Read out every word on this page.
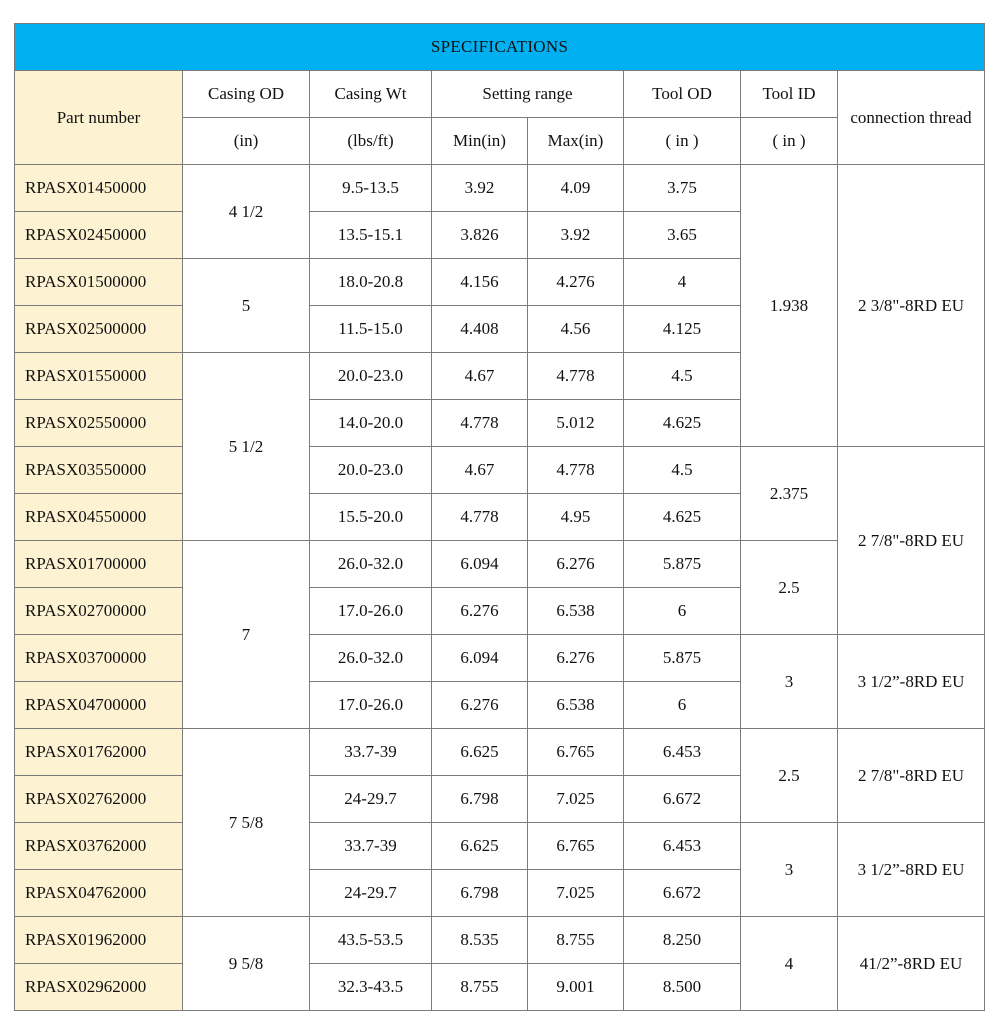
SPECIFICATIONS							
Part number	Casing OD	Casing Wt	Setting range		Tool OD	Tool ID	connection thread
	(in)	(lbs/ft)	Min(in)	Max(in)	( in )	( in )	
RPASX01450000	4 1/2	9.5-13.5	3.92	4.09	3.75	1.938	2 3/8"-8RD EU
RPASX02450000		13.5-15.1	3.826	3.92	3.65		
RPASX01500000	5	18.0-20.8	4.156	4.276	4		
RPASX02500000		11.5-15.0	4.408	4.56	4.125		
RPASX01550000	5 1/2	20.0-23.0	4.67	4.778	4.5		
RPASX02550000		14.0-20.0	4.778	5.012	4.625		
RPASX03550000		20.0-23.0	4.67	4.778	4.5	2.375	2 7/8"-8RD EU
RPASX04550000		15.5-20.0	4.778	4.95	4.625		
RPASX01700000	7	26.0-32.0	6.094	6.276	5.875	2.5	
RPASX02700000		17.0-26.0	6.276	6.538	6		
RPASX03700000		26.0-32.0	6.094	6.276	5.875	3	3 1/2”-8RD EU
RPASX04700000		17.0-26.0	6.276	6.538	6		
RPASX01762000	7 5/8	33.7-39	6.625	6.765	6.453	2.5	2 7/8"-8RD EU
RPASX02762000		24-29.7	6.798	7.025	6.672		
RPASX03762000		33.7-39	6.625	6.765	6.453	3	3 1/2”-8RD EU
RPASX04762000		24-29.7	6.798	7.025	6.672		
RPASX01962000	9 5/8	43.5-53.5	8.535	8.755	8.250	4	41/2”-8RD EU
RPASX02962000		32.3-43.5	8.755	9.001	8.500		
